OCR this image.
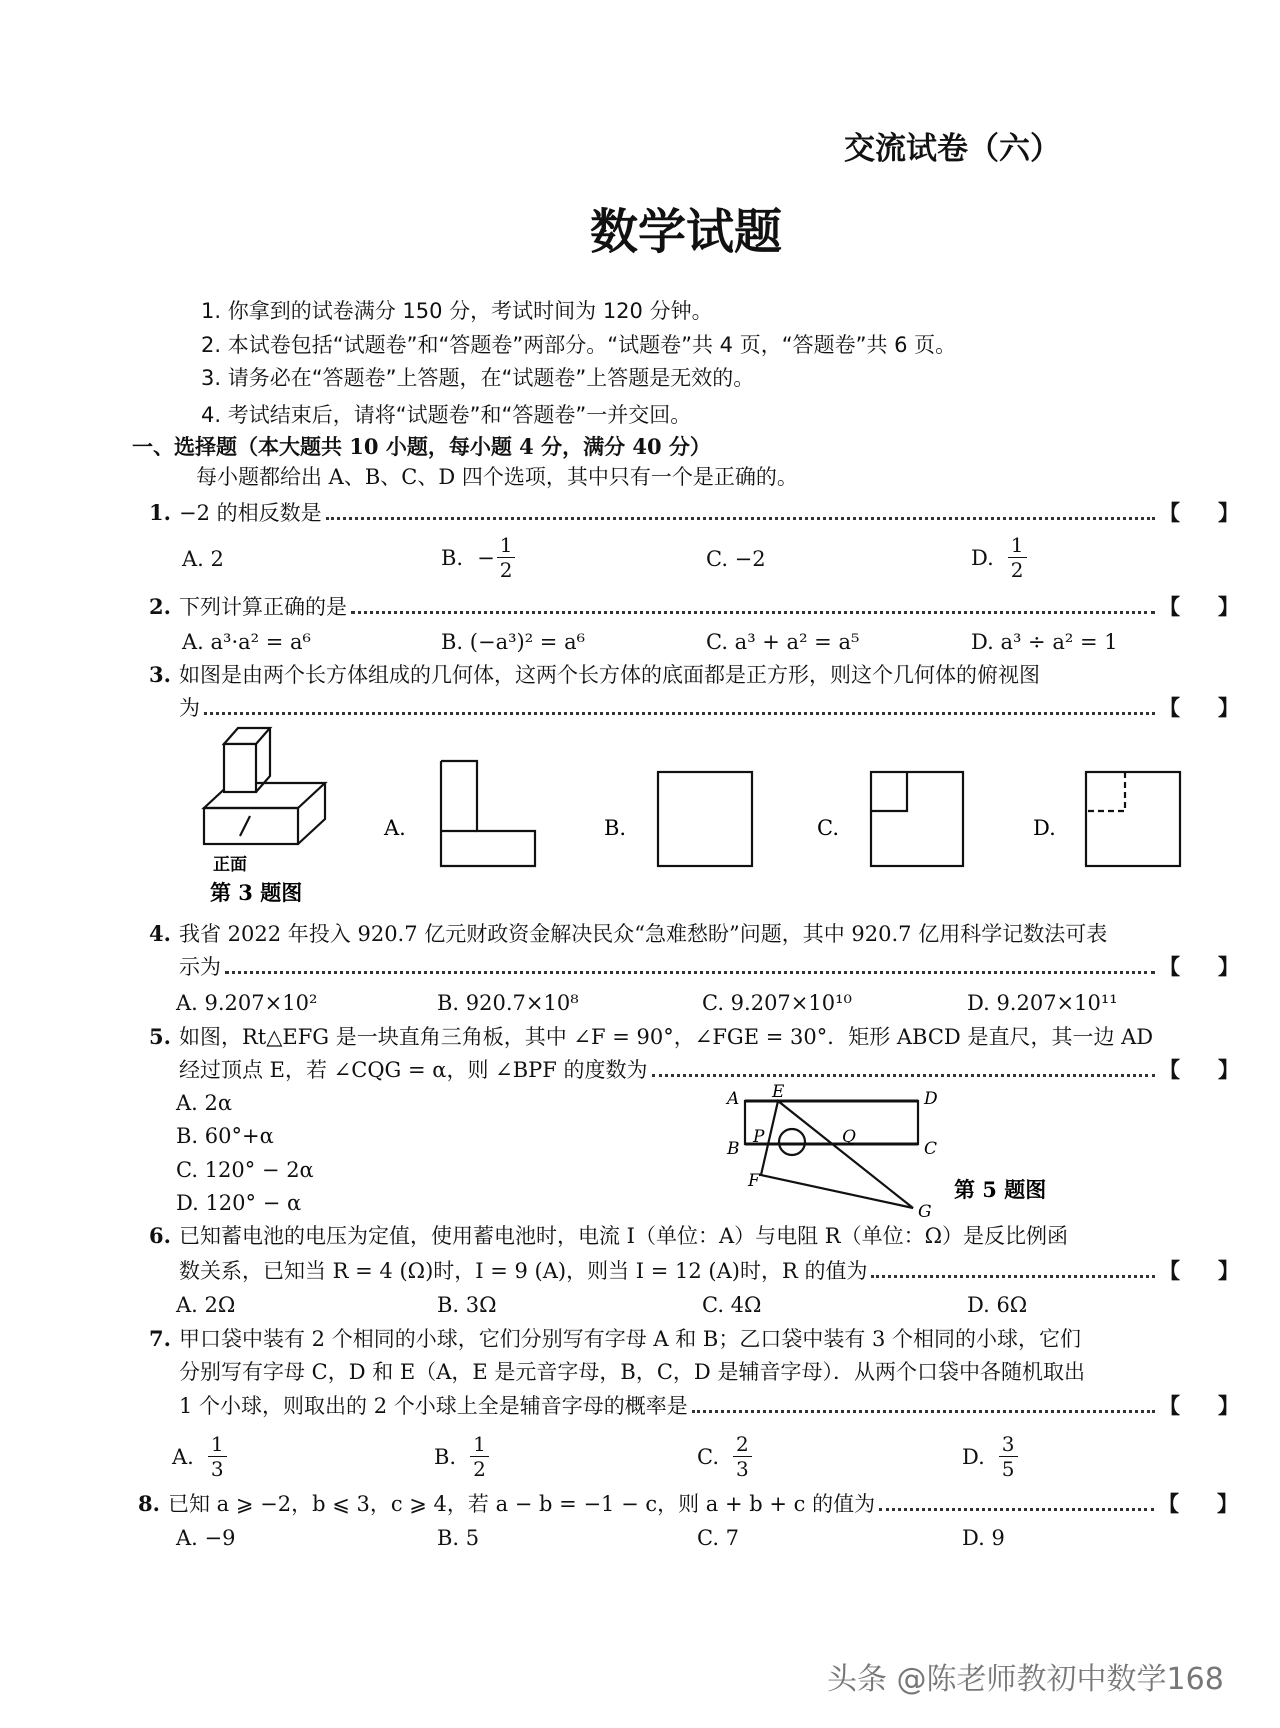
交流试卷（六）
数学试题
1. 你拿到的试卷满分 150 分，考试时间为 120 分钟。
2. 本试卷包括“试题卷”和“答题卷”两部分。“试题卷”共 4 页，“答题卷”共 6 页。
3. 请务必在“答题卷”上答题，在“试题卷”上答题是无效的。
4. 考试结束后，请将“试题卷”和“答题卷”一并交回。
一、选择题（本大题共 10 小题，每小题 4 分，满分 40 分）
每小题都给出 A、B、C、D 四个选项，其中只有一个是正确的。
1. −2 的相反数是	【 】
A. 2	B. − $\frac{1}{2}$	C. −2	D. $\frac{1}{2}$
2. 下列计算正确的是	【 】
A. a³·a² = a⁶	B. (−a³)² = a⁶	C. a³ + a² = a⁵	D. a³ ÷ a² = 1
3. 如图是由两个长方体组成的几何体，这两个长方体的底面都是正方形，则这个几何体的俯视图
为	【 】
正面
第 3 题图
A.	B.	C.	D.
A E	D
B
P	Q
C
F
G
第 5 题图
4. 我省 2022 年投入 920.7 亿元财政资金解决民众“急难愁盼”问题，其中 920.7 亿用科学记数法可表
示为	【 】
A. 9.207×10²	B. 920.7×10⁸	C. 9.207×10¹⁰	D. 9.207×10¹¹
5. 如图，Rt△EFG 是一块直角三角板，其中 ∠F = 90°，∠FGE = 30°．矩形 ABCD 是直尺，其一边 AD
经过顶点 E，若 ∠CQG = α，则 ∠BPF 的度数为	【 】
A. 2α
B. 60°+α
C. 120° − 2α
D. 120° − α
6. 已知蓄电池的电压为定值，使用蓄电池时，电流 I（单位：A）与电阻 R（单位：Ω）是反比例函
数关系，已知当 R = 4 (Ω)时，I = 9 (A)，则当 I = 12 (A)时，R 的值为	【 】
A. 2Ω	B. 3Ω	C. 4Ω	D. 6Ω
7. 甲口袋中装有 2 个相同的小球，它们分别写有字母 A 和 B；乙口袋中装有 3 个相同的小球，它们
分别写有字母 C，D 和 E（A，E 是元音字母，B，C，D 是辅音字母）．从两个口袋中各随机取出
1 个小球，则取出的 2 个小球上全是辅音字母的概率是	【 】
A. $\frac{1}{3}$	B. $\frac{1}{2}$	C. $\frac{2}{3}$	D. $\frac{3}{5}$
8. 已知 a ⩾ −2，b ⩽ 3，c ⩾ 4，若 a − b = −1 − c，则 a + b + c 的值为	【 】
A. −9	B. 5	C. 7	D. 9
头条 @陈老师教初中数学168
